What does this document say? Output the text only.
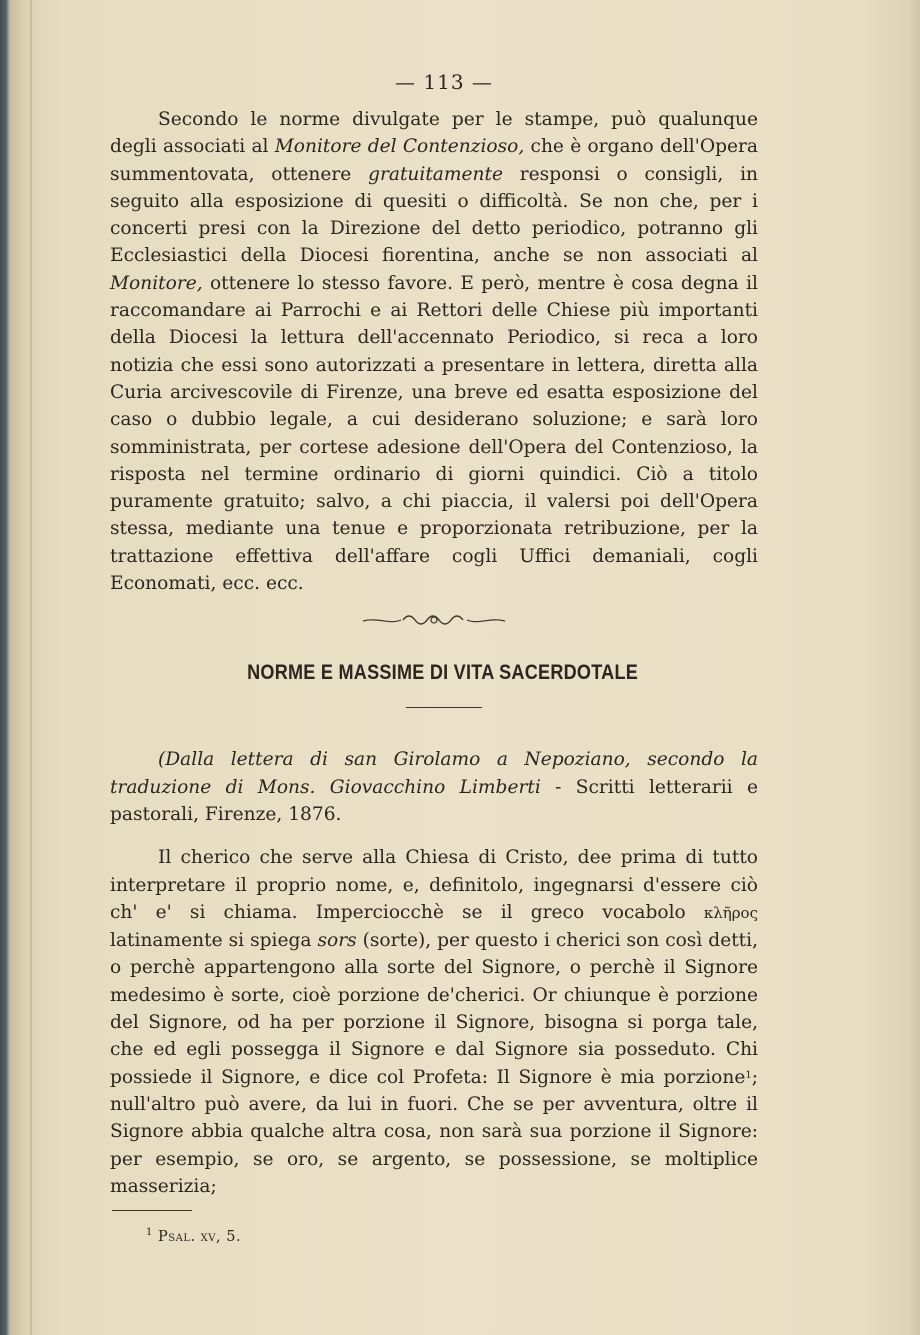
— 113 —

Secondo le norme divulgate per le stampe, può qualunque degli associati al Monitore del Contenzioso, che è organo dell'Opera summentovata, ottenere gratuitamente responsi o consigli, in seguito alla esposizione di quesiti o difficoltà. Se non che, per i concerti presi con la Direzione del detto periodico, potranno gli Ecclesiastici della Diocesi fiorentina, anche se non associati al Monitore, ottenere lo stesso favore. E però, mentre è cosa degna il raccomandare ai Parrochi e ai Rettori delle Chiese più importanti della Diocesi la lettura dell'accennato Periodico, si reca a loro notizia che essi sono autorizzati a presentare in lettera, diretta alla Curia arcivescovile di Firenze, una breve ed esatta esposizione del caso o dubbio legale, a cui desiderano soluzione; e sarà loro somministrata, per cortese adesione dell'Opera del Contenzioso, la risposta nel termine ordinario di giorni quindici. Ciò a titolo puramente gratuito; salvo, a chi piaccia, il valersi poi dell'Opera stessa, mediante una tenue e proporzionata retribuzione, per la trattazione effettiva dell'affare cogli Uffici demaniali, cogli Economati, ecc. ecc.

NORME E MASSIME DI VITA SACERDOTALE

(Dalla lettera di san Girolamo a Nepoziano, secondo la traduzione di Mons. Giovacchino Limberti - Scritti letterarii e pastorali, Firenze, 1876.

Il cherico che serve alla Chiesa di Cristo, dee prima di tutto interpretare il proprio nome, e, definitolo, ingegnarsi d'essere ciò ch' e' si chiama. Imperciocchè se il greco vocabolo κλῆρος latinamente si spiega sors (sorte), per questo i cherici son così detti, o perchè appartengono alla sorte del Signore, o perchè il Signore medesimo è sorte, cioè porzione de'cherici. Or chiunque è porzione del Signore, od ha per porzione il Signore, bisogna si porga tale, che ed egli possegga il Signore e dal Signore sia posseduto. Chi possiede il Signore, e dice col Profeta: Il Signore è mia porzione$^1$; null'altro può avere, da lui in fuori. Che se per avventura, oltre il Signore abbia qualche altra cosa, non sarà sua porzione il Signore: per esempio, se oro, se argento, se possessione, se moltiplice masserizia;

$^1$ Psal. xv, 5.
